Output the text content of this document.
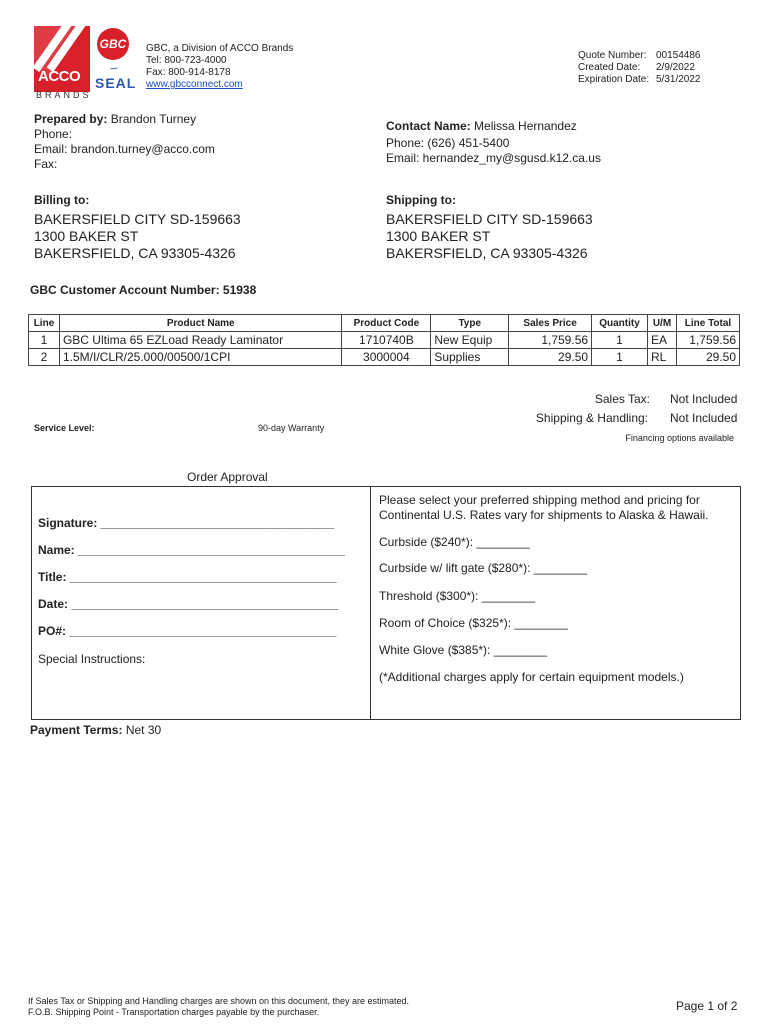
ACCO
BRANDS
GBC
∽
SEAL
GBC, a Division of ACCO Brands
Tel: 800-723-4000
Fax: 800-914-8178
www.gbcconnect.com
Quote Number: 00154486
Created Date: 2/9/2022
Expiration Date: 5/31/2022
Prepared by: Brandon Turney
Phone:
Email: brandon.turney@acco.com
Fax:
Contact Name: Melissa Hernandez
Phone: (626) 451-5400
Email: hernandez_my@sgusd.k12.ca.us
Billing to:
BAKERSFIELD CITY SD-159663
1300 BAKER ST
BAKERSFIELD, CA 93305-4326
Shipping to:
BAKERSFIELD CITY SD-159663
1300 BAKER ST
BAKERSFIELD, CA 93305-4326
GBC Customer Account Number: 51938
Line	Product Name	Product Code	Type	Sales Price	Quantity	U/M	Line Total
1	GBC Ultima 65 EZLoad Ready Laminator	1710740B	New Equip	1,759.56	1	EA	1,759.56
2	1.5M/I/CLR/25.000/00500/1CPI	3000004	Supplies	29.50	1	RL	29.50
Sales Tax: Not Included
Shipping & Handling: Not Included
Financing options available
Service Level:	90-day Warranty
Order Approval
Signature: ___________________________________
Name: ________________________________________
Title: ________________________________________
Date: ________________________________________
PO#: ________________________________________
Special Instructions:
Please select your preferred shipping method and pricing for
Continental U.S. Rates vary for shipments to Alaska & Hawaii.
Curbside ($240*): ________
Curbside w/ lift gate ($280*): ________
Threshold ($300*): ________
Room of Choice ($325*): ________
White Glove ($385*): ________
(*Additional charges apply for certain equipment models.)
Payment Terms: Net 30
If Sales Tax or Shipping and Handling charges are shown on this document, they are estimated.
F.O.B. Shipping Point - Transportation charges payable by the purchaser.	Page 1 of 2
